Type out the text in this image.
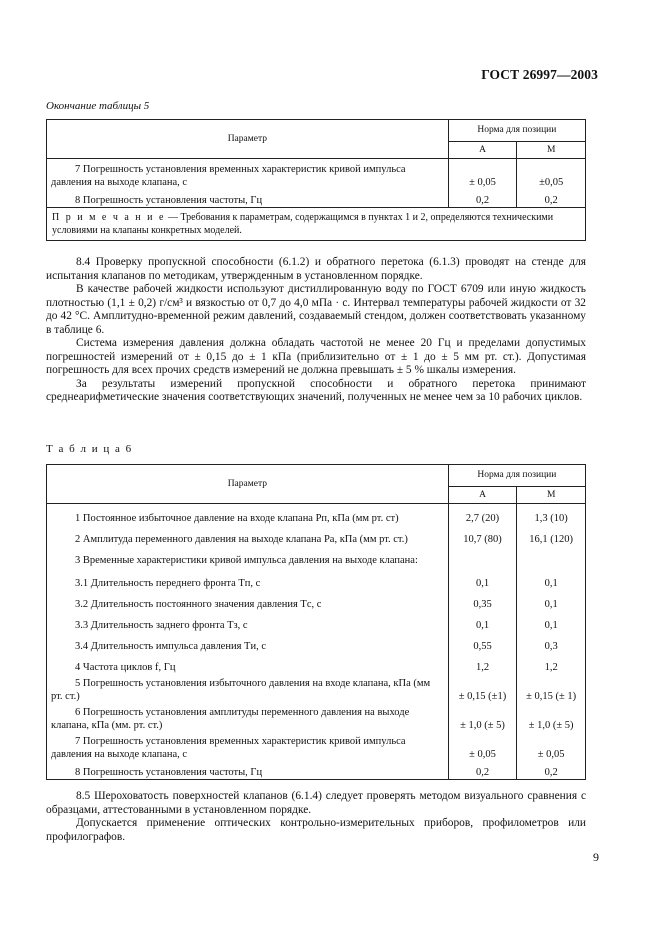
ГОСТ 26997—2003
Окончание таблицы 5
Параметр	Норма для позиции	
	А	М
7 Погрешность установления временных характеристик кривой импульса давления на выходе клапана, с	± 0,05	±0,05
8 Погрешность установления частоты, Гц	0,2	0,2
П р и м е ч а н и е — Требования к параметрам, содержащимся в пунктах 1 и 2, определяются техническими условиями на клапаны конкретных моделей.		

8.4 Проверку пропускной способности (6.1.2) и обратного перетока (6.1.3) проводят на стенде для испытания клапанов по методикам, утвержденным в установленном порядке.

В качестве рабочей жидкости используют дистиллированную воду по ГОСТ 6709 или иную жидкость плотностью (1,1 ± 0,2) г/см³ и вязкостью от 0,7 до 4,0 мПа · с. Интервал температуры рабочей жидкости от 32 до 42 °С. Амплитудно-временной режим давлений, создаваемый стендом, должен соответствовать указанному в таблице 6.

Система измерения давления должна обладать частотой не менее 20 Гц и пределами допустимых погрешностей измерений от ± 0,15 до ± 1 кПа (приблизительно от ± 1 до ± 5 мм рт. ст.). Допустимая погрешность для всех прочих средств измерений не должна превышать ± 5 % шкалы измерения.

За результаты измерений пропускной способности и обратного перетока принимают среднеарифметические значения соответствующих значений, полученных не менее чем за 10 рабочих циклов.

Т а б л и ц а 6
Параметр	Норма для позиции	
	А	М
1 Постоянное избыточное давление на входе клапана Pп, кПа (мм рт. ст)	2,7 (20)	1,3 (10)
2 Амплитуда переменного давления на выходе клапана Pa, кПа (мм рт. ст.)	10,7 (80)	16,1 (120)
3 Временные характеристики кривой импульса давления на выходе клапана:		
3.1 Длительность переднего фронта Tп, с	0,1	0,1
3.2 Длительность постоянного значения давления Tс, с	0,35	0,1
3.3 Длительность заднего фронта Tз, с	0,1	0,1
3.4 Длительность импульса давления Tи, с	0,55	0,3
4 Частота циклов f, Гц	1,2	1,2
5 Погрешность установления избыточного давления на входе клапана, кПа (мм рт. ст.)	± 0,15 (±1)	± 0,15 (± 1)
6 Погрешность установления амплитуды переменного давления на выходе клапана, кПа (мм. рт. ст.)	± 1,0 (± 5)	± 1,0 (± 5)
7 Погрешность установления временных характеристик кривой импульса давления на выходе клапана, с	± 0,05	± 0,05
8 Погрешность установления частоты, Гц	0,2	0,2

8.5 Шероховатость поверхностей клапанов (6.1.4) следует проверять методом визуального сравнения с образцами, аттестованными в установленном порядке.

Допускается применение оптических контрольно-измерительных приборов, профилометров или профилографов.

9
